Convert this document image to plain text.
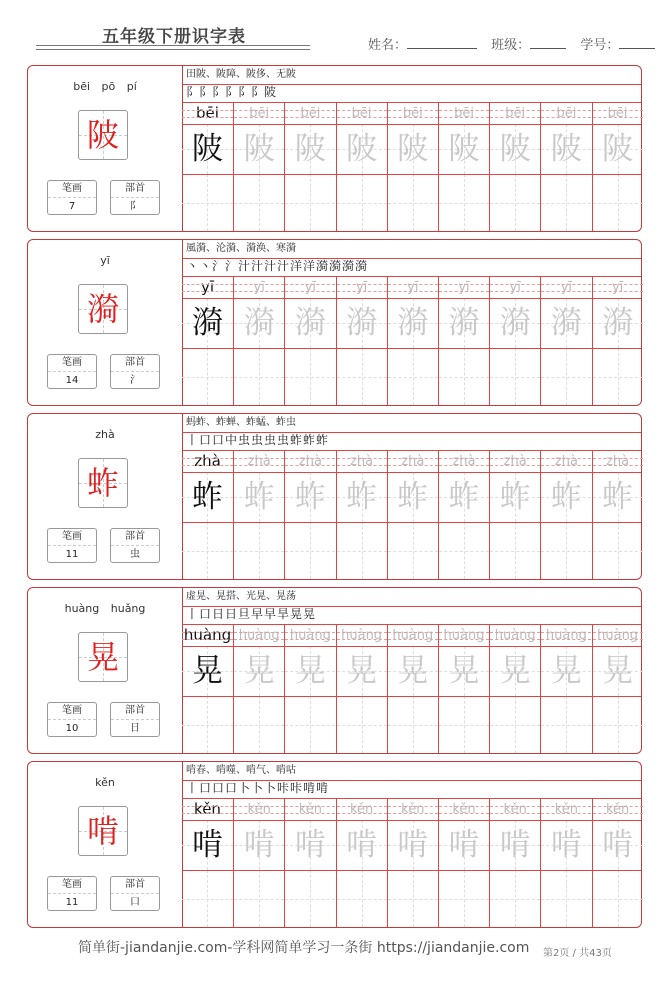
五年级下册识字表	姓名：	班级：	学号：
bēi pō pí
陂
笔画
7
部首
阝
田陂、陂障、陂侈、无陂
阝阝阝阝阝阝陂
bēi
陂
bēi
陂
bēi
陂
bēi
陂
bēi
陂
bēi
陂
bēi
陂
bēi
陂
bēi
陂
yī
漪
笔画
14
部首
氵
風漪、沦漪、漪涣、寒漪
丶丶氵氵汁汁汁汁洋洋漪漪漪漪
yī
漪
yī
漪
yī
漪
yī
漪
yī
漪
yī
漪
yī
漪
yī
漪
yī
漪
zhà
蚱
笔画
11
部首
虫
蚂蚱、蚱蝉、蚱蜢、蚱虫
丨口口中虫虫虫虫蚱蚱蚱
zhà
蚱
zhà
蚱
zhà
蚱
zhà
蚱
zhà
蚱
zhà
蚱
zhà
蚱
zhà
蚱
zhà
蚱
huàng huǎng
晃
笔画
10
部首
日
虚晃、晃搭、光晃、晃荡
丨口日日旦早早旱晃晃
huàng
晃
huàng
晃
huàng
晃
huàng
晃
huàng
晃
huàng
晃
huàng
晃
huàng
晃
huàng
晃
kěn
啃
笔画
11
部首
口
啃春、啃噬、啃气、啃咕
丨口口口卜卜卜咔咔啃啃
kěn
啃
kěn
啃
kěn
啃
kěn
啃
kěn
啃
kěn
啃
kěn
啃
kěn
啃
kěn
啃
简单街-jiandanjie.com-学科网简单学习一条街 https://jiandanjie.com 第2页 / 共43页
